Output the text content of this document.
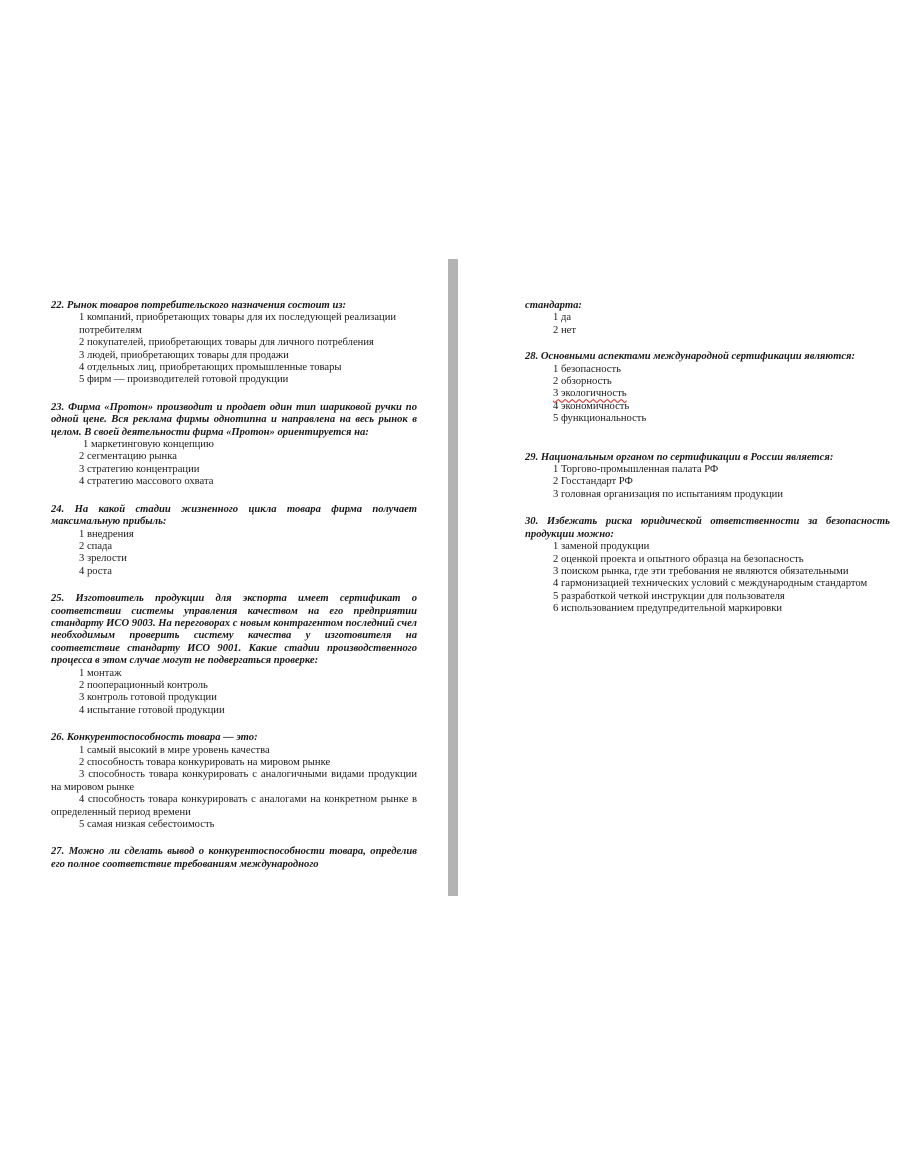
22. Рынок товаров потребительского назначения состоит из:
1 компаний, приобретающих товары для их последующей реализации потребителям
2 покупателей, приобретающих товары для личного потребления
3 людей, приобретающих товары для продажи
4 отдельных лиц, приобретающих промышленные товары
5 фирм — производителей готовой продукции
23. Фирма «Протон» производит и продает один тип шариковой ручки по одной цене. Вся реклама фирмы однотипна и направлена на весь рынок в целом. В своей деятельности фирма «Протон» ориентируется на:
1 маркетинговую концепцию
2 сегментацию рынка
3 стратегию концентрации
4 стратегию массового охвата
24. На какой стадии жизненного цикла товара фирма получает максимальную прибыль:
1 внедрения
2 спада
3 зрелости
4 роста
25. Изготовитель продукции для экспорта имеет сертификат о соответствии системы управления качеством на его предприятии стандарту ИСО 9003. На переговорах с новым контрагентом последний счел необходимым проверить систему качества у изготовителя на соответствие стандарту ИСО 9001. Какие стадии производственного процесса в этом случае могут не подвергаться проверке:
1 монтаж
2 пооперационный контроль
3 контроль готовой продукции
4 испытание готовой продукции
26. Конкурентоспособность товара — это:
1 самый высокий в мире уровень качества
2 способность товара конкурировать на мировом рынке
3 способность товара конкурировать с аналогичными видами продукции на мировом рынке
4 способность товара конкурировать с аналогами на конкретном рынке в определенный период времени
5 самая низкая себестоимость
27. Можно ли сделать вывод о конкурентоспособности товара, определив его полное соответствие требованиям международного
стандарта:
1 да
2 нет
28. Основными аспектами международной сертификации являются:
1 безопасность
2 обзорность
3 экологичность
4 экономичность
5 функциональность
29. Национальным органом по сертификации в России является:
1 Торгово-промышленная палата РФ
2 Госстандарт РФ
3 головная организация по испытаниям продукции
30. Избежать риска юридической ответственности за безопасность продукции можно:
1 заменой продукции
2 оценкой проекта и опытного образца на безопасность
3 поиском рынка, где эти требования не являются обязательными
4 гармонизацией технических условий с международным стандартом
5 разработкой четкой инструкции для пользователя
6 использованием предупредительной маркировки
